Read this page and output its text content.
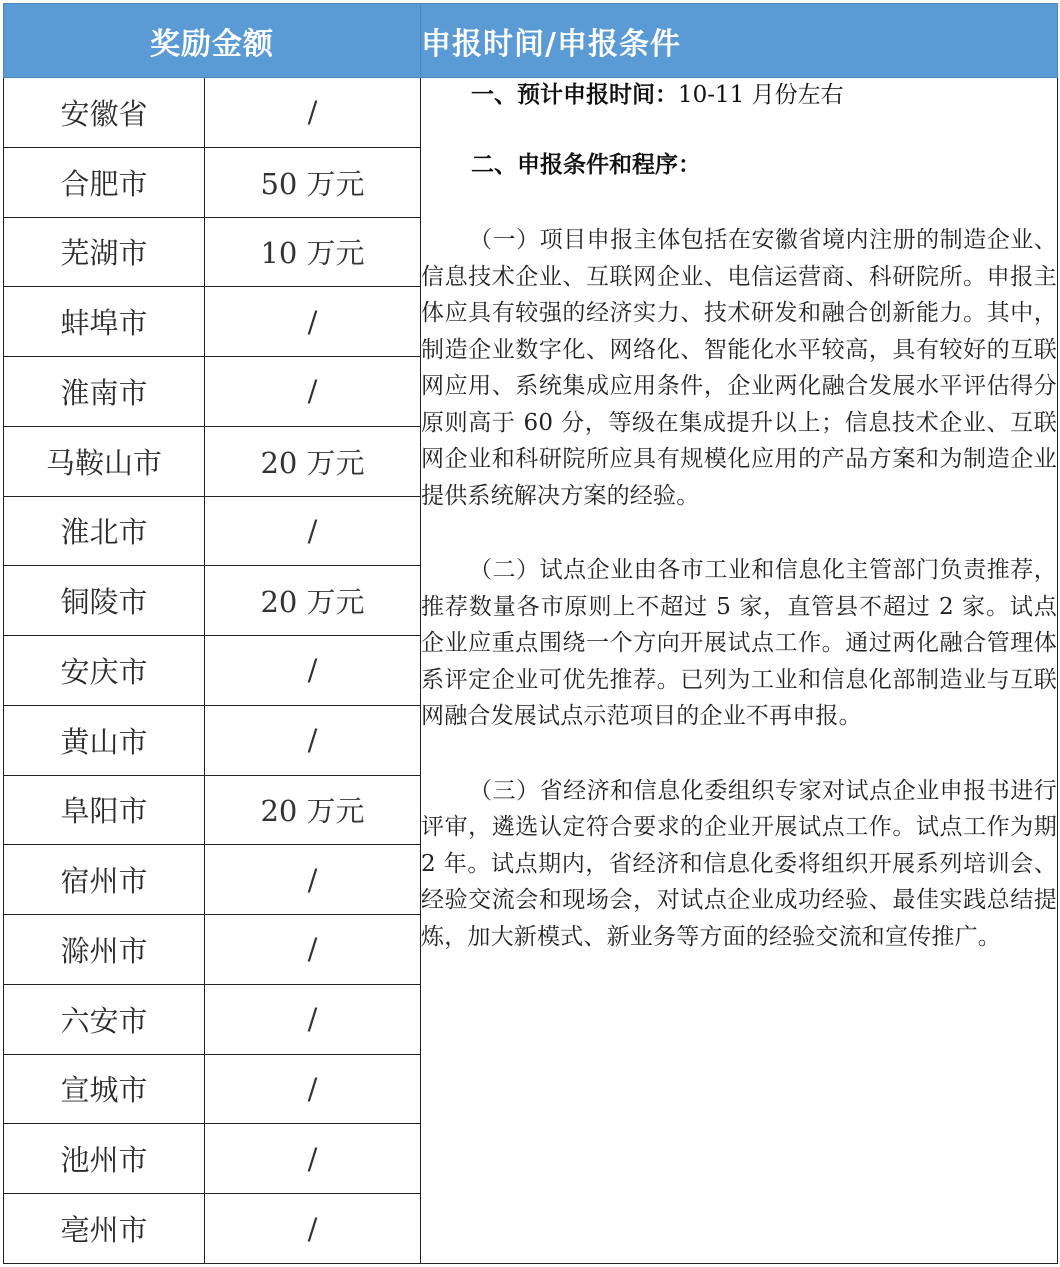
奖励金额		申报时间/申报条件
安徽省	/	一、预计申报时间：10-11 月份左右
二、申报条件和程序：

（一）项目申报主体包括在安徽省境内注册的制造企业、信息技术企业、互联网企业、电信运营商、科研院所。申报主体应具有较强的经济实力、技术研发和融合创新能力。其中，制造企业数字化、网络化、智能化水平较高，具有较好的互联网应用、系统集成应用条件，企业两化融合发展水平评估得分原则高于 60 分，等级在集成提升以上；信息技术企业、互联网企业和科研院所应具有规模化应用的产品方案和为制造企业提供系统解决方案的经验。

（二）试点企业由各市工业和信息化主管部门负责推荐，推荐数量各市原则上不超过 5 家，直管县不超过 2 家。试点企业应重点围绕一个方向开展试点工作。通过两化融合管理体系评定企业可优先推荐。已列为工业和信息化部制造业与互联网融合发展试点示范项目的企业不再申报。

（三）省经济和信息化委组织专家对试点企业申报书进行评审，遴选认定符合要求的企业开展试点工作。试点工作为期 2 年。试点期内，省经济和信息化委将组织开展系列培训会、经验交流会和现场会，对试点企业成功经验、最佳实践总结提炼，加大新模式、新业务等方面的经验交流和宣传推广。

合肥市	50 万元	
芜湖市	10 万元	
蚌埠市	/	
淮南市	/	
马鞍山市	20 万元	
淮北市	/	
铜陵市	20 万元	
安庆市	/	
黄山市	/	
阜阳市	20 万元	
宿州市	/	
滁州市	/	
六安市	/	
宣城市	/	
池州市	/	
亳州市	/	
